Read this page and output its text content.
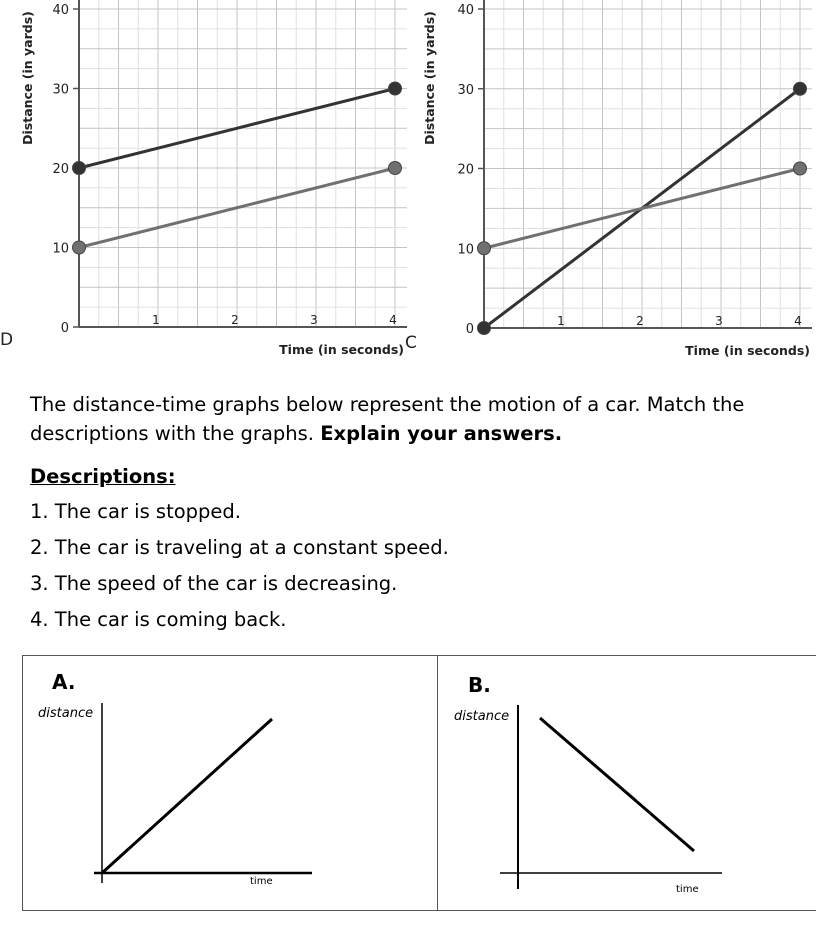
0
10
20
30
40
1	2	3	4
Time (in seconds)
Distance (in yards)
0
10
20
30
40
1	2	3	4
Time (in seconds)
Distance (in yards)
D	C

The distance-time graphs below represent the motion of a car. Match the descriptions with the graphs. Explain your answers.

Descriptions:

1. The car is stopped.

2. The car is traveling at a constant speed.

3. The speed of the car is decreasing.

4. The car is coming back.

A.
distance
time
B.
distance
time
